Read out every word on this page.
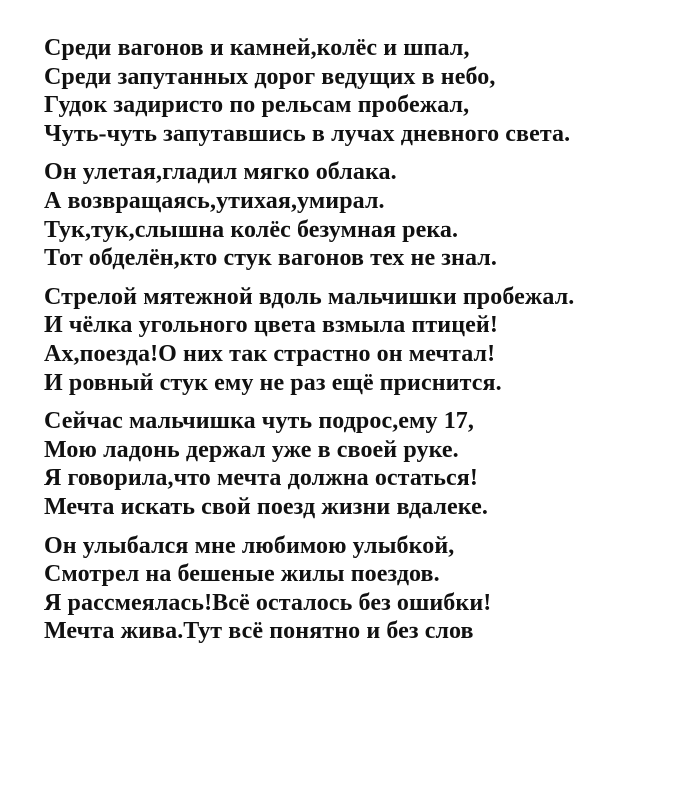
Среди вагонов и камней,колёс и шпал,
Среди запутанных дорог ведущих в небо,
Гудок задиристо по рельсам пробежал,
Чуть-чуть запутавшись в лучах дневного света.
Он улетая,гладил мягко облака.
А возвращаясь,утихая,умирал.
Тук,тук,слышна колёс безумная река.
Тот обделён,кто стук вагонов тех не знал.
Стрелой мятежной вдоль мальчишки пробежал.
И чёлка угольного цвета взмыла птицей!
Ах,поезда!О них так страстно он мечтал!
И ровный стук ему не раз ещё приснится.
Сейчас мальчишка чуть подрос,ему 17,
Мою ладонь держал уже в своей руке.
Я говорила,что мечта должна остаться!
Мечта искать свой поезд жизни вдалеке.
Он улыбался мне любимою улыбкой,
Смотрел на бешеные жилы поездов.
Я рассмеялась!Всё осталось без ошибки!
Мечта жива.Тут всё понятно и без слов
